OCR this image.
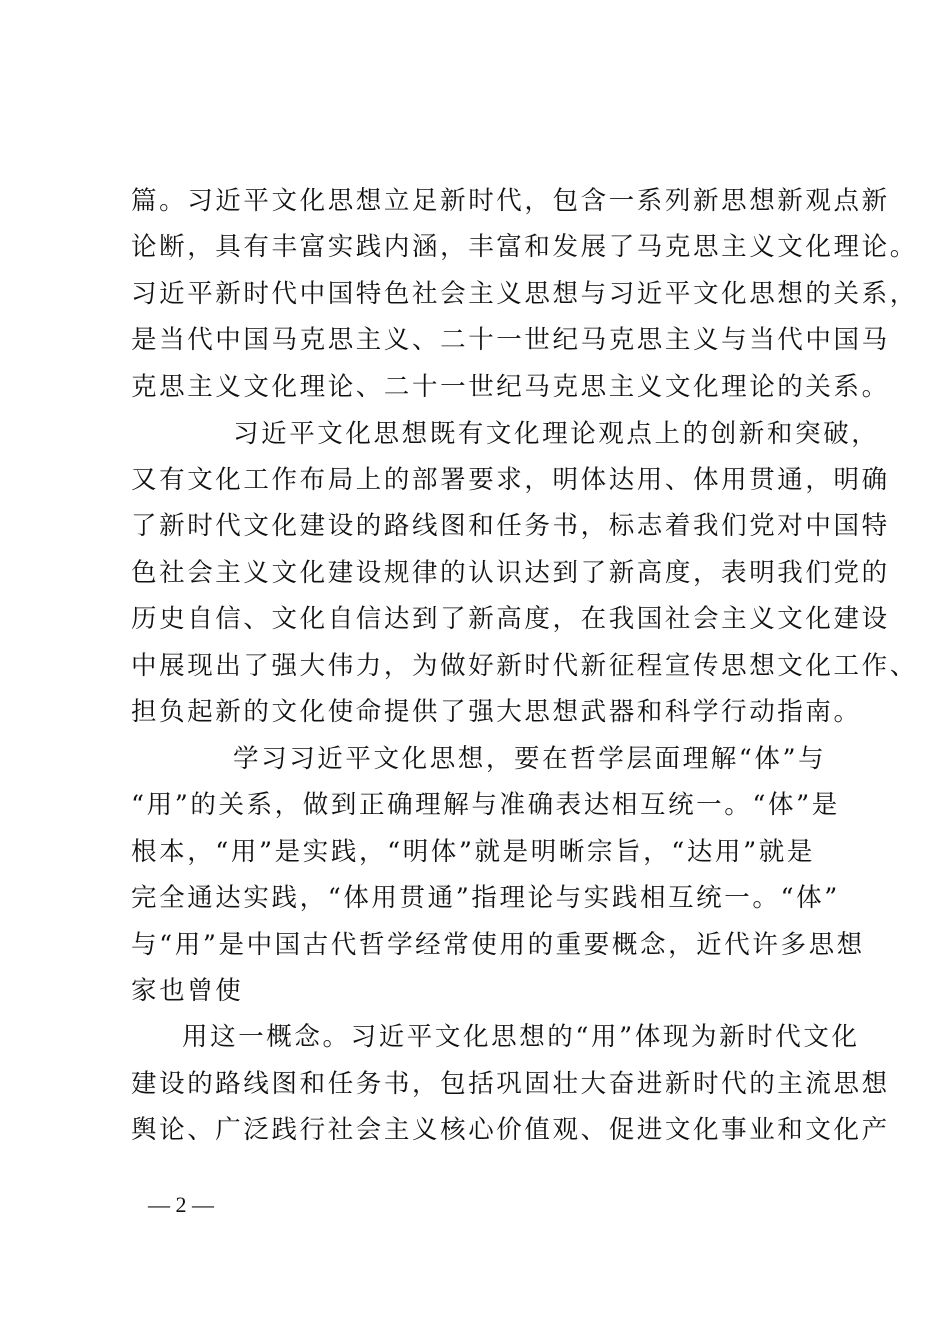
篇。习近平文化思想立足新时代，包含一系列新思想新观点新
论断，具有丰富实践内涵，丰富和发展了马克思主义文化理论。
习近平新时代中国特色社会主义思想与习近平文化思想的关系，
是当代中国马克思主义、二十一世纪马克思主义与当代中国马
克思主义文化理论、二十一世纪马克思主义文化理论的关系。
习近平文化思想既有文化理论观点上的创新和突破，
又有文化工作布局上的部署要求，明体达用、体用贯通，明确
了新时代文化建设的路线图和任务书，标志着我们党对中国特
色社会主义文化建设规律的认识达到了新高度，表明我们党的
历史自信、文化自信达到了新高度，在我国社会主义文化建设
中展现出了强大伟力，为做好新时代新征程宣传思想文化工作、
担负起新的文化使命提供了强大思想武器和科学行动指南。
学习习近平文化思想，要在哲学层面理解“体”与
“用”的关系，做到正确理解与准确表达相互统一。“体”是
根本，“用”是实践，“明体”就是明晰宗旨，“达用”就是
完全通达实践，“体用贯通”指理论与实践相互统一。“体”
与“用”是中国古代哲学经常使用的重要概念，近代许多思想
家也曾使
用这一概念。习近平文化思想的“用”体现为新时代文化
建设的路线图和任务书，包括巩固壮大奋进新时代的主流思想
舆论、广泛践行社会主义核心价值观、促进文化事业和文化产
— 2 —
